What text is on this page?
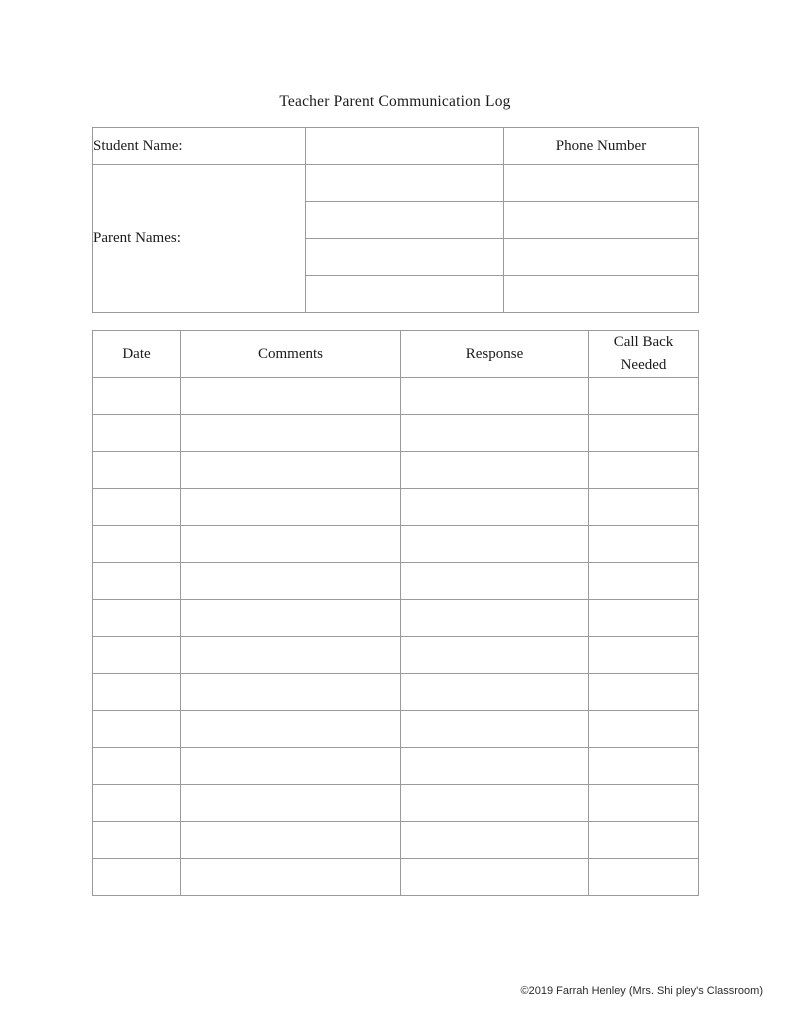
Teacher Parent Communication Log
Student Name:		Phone Number
Parent Names:		

Date	Comments	Response	Call Back Needed

©2019 Farrah Henley (Mrs. Shi pley's Classroom)
